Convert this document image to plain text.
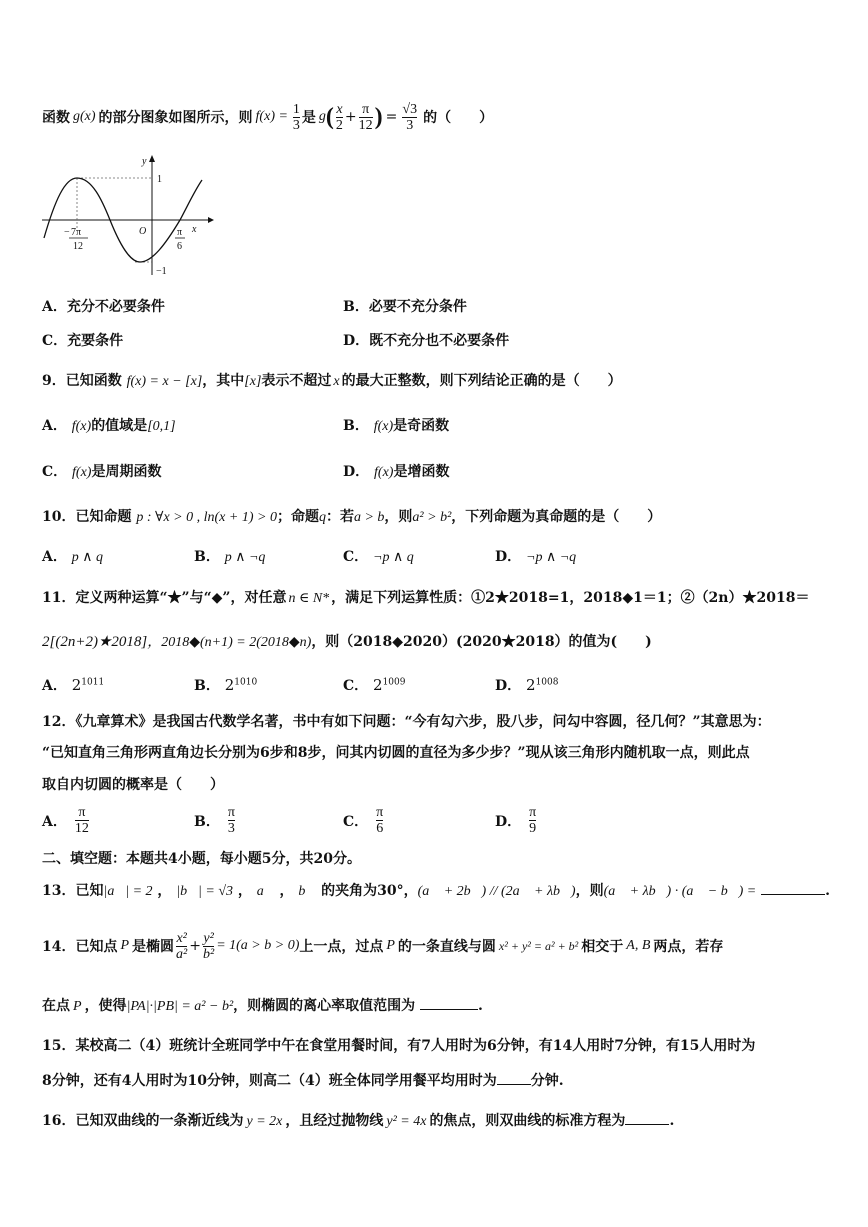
函数 g(x) 的部分图象如图所示，则 $f(x) = \frac{1}{3}$ 是 g ( $\frac{x}{2} + \frac{\pi}{12}$ ) = $\frac{√3}{3}$ 的（　　）
y
x
O
1
−1
− 7π
12
π
6
A．充分不必要条件	B．必要不充分条件
C．充要条件	D．既不充分也不必要条件
9．已知函数 f(x) = x − [x]，其中[x]表示不超过 x 的最大正整数，则下列结论正确的是（　　）
A． f(x)的值域是[0,1]	B． f(x)是奇函数
C． f(x)是周期函数	D． f(x)是增函数
10．已知命题 p : ∀x > 0 , ln(x + 1) > 0；命题q：若a > b，则a² > b²，下列命题为真命题的是（　　）
A． p ∧ q	B． p ∧ ¬q	C． ¬p ∧ q	D． ¬p ∧ ¬q
11．定义两种运算“★”与“◆”，对任意 n ∈ N* ，满足下列运算性质：①2★2018=1，2018◆1＝1；②（2n）★2018＝
2[(2n+2)★2018]，2018◆(n+1) = 2(2018◆n)，则（2018◆2020）(2020★2018）的值为(　　)
A． $2^{1011}$	B． $2^{1010}$	C． $2^{1009}$	D． $2^{1008}$
12．《九章算术》是我国古代数学名著，书中有如下问题：“今有勾六步，股八步，问勾中容圆，径几何？”其意思为：
“已知直角三角形两直角边长分别为6步和8步，问其内切圆的直径为多少步？”现从该三角形内随机取一点，则此点
取自内切圆的概率是（　　）
A． $\frac{\pi}{12}$	B． $\frac{\pi}{3}$	C． $\frac{\pi}{6}$	D． $\frac{\pi}{9}$
二、填空题：本题共4小题，每小题5分，共20分。
13．已知|a⃗| = 2 ， |b⃗| = √3 ， a⃗ ， b⃗ 的夹角为30°，(a⃗ + 2b⃗) // (2a⃗ + λb⃗)，则(a⃗ + λb⃗) · (a⃗ − b⃗) =	.
14． 已知点 P 是椭圆 $\frac{\text{x²}}{\text{a²}} + \frac{\text{y²}}{\text{b²}} = 1(a > b > 0)$ 上一点，过点 P 的一条直线与圆 x² + y² = a² + b² 相交于 A, B 两点，若存
在点 P ，使得|PA|·|PB| = a² − b²，则椭圆的离心率取值范围为	.
15．某校高二（4）班统计全班同学中午在食堂用餐时间，有7人用时为6分钟，有14人用时7分钟，有15人用时为
8分钟，还有4人用时为10分钟，则高二（4）班全体同学用餐平均用时为 分钟.
16．已知双曲线的一条渐近线为 y = 2x ，且经过抛物线 y² = 4x 的焦点，则双曲线的标准方程为	.
